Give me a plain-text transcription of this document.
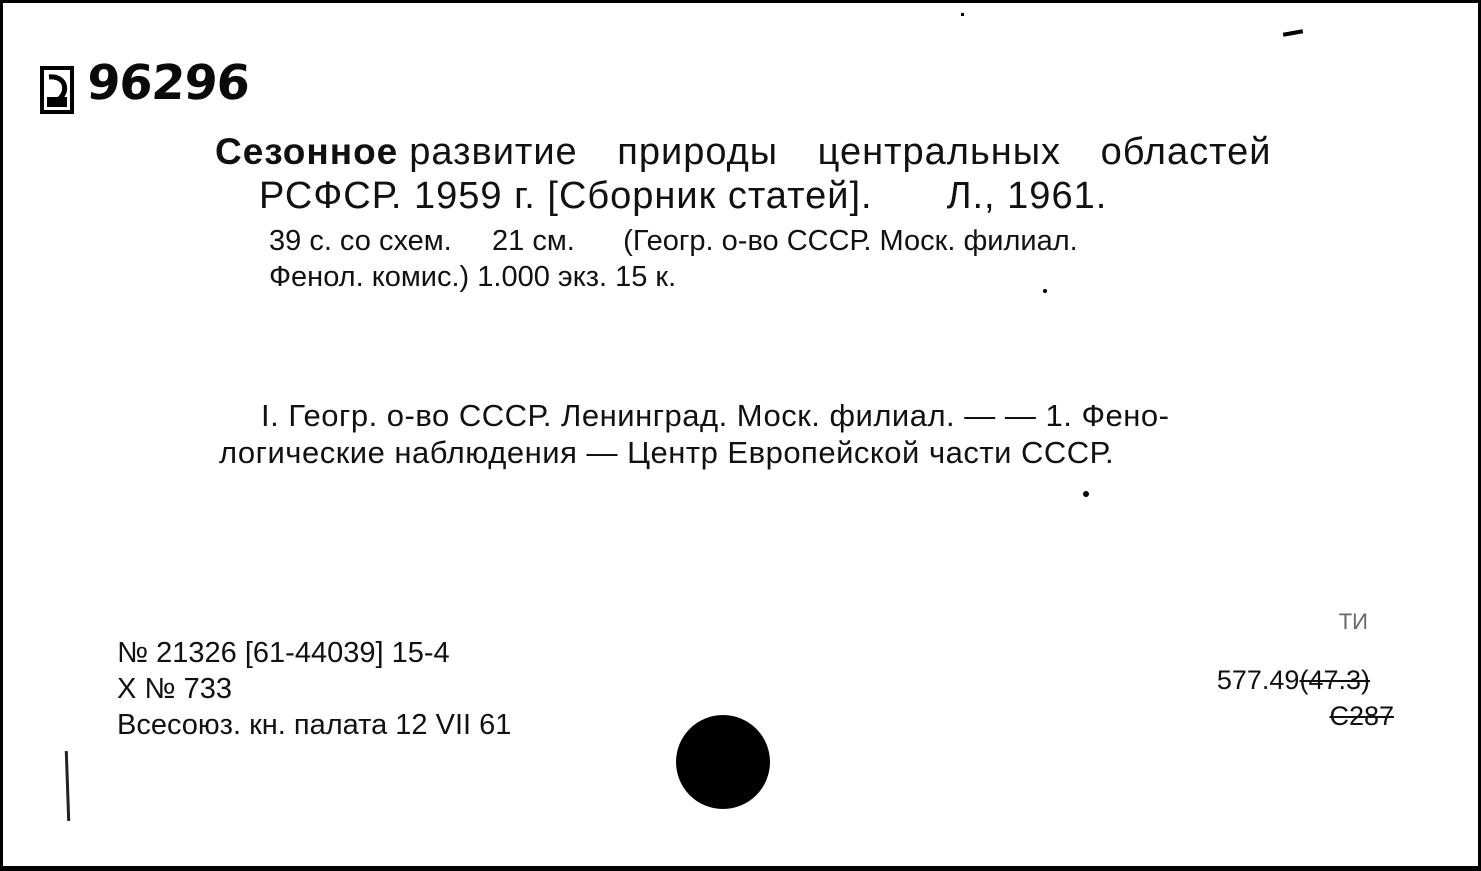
96296
Сезонное развитие природы центральных областей
РСФСР. 1959 г. [Сборник статей]. Л., 1961.
39 с. со схем.     21 см.      (Геогр. о-во СССР. Моск. филиал.
Фенол. комис.) 1.000 экз. 15 к.
I. Геогр. о-во СССР. Ленинград. Моск. филиал. — — 1. Фено-
логические наблюдения — Центр Европейской части СССР.
№ 21326 [61-44039] 15-4
Х № 733
Всесоюз. кн. палата 12 VII 61
ТИ
577.49(47.3)
С287
